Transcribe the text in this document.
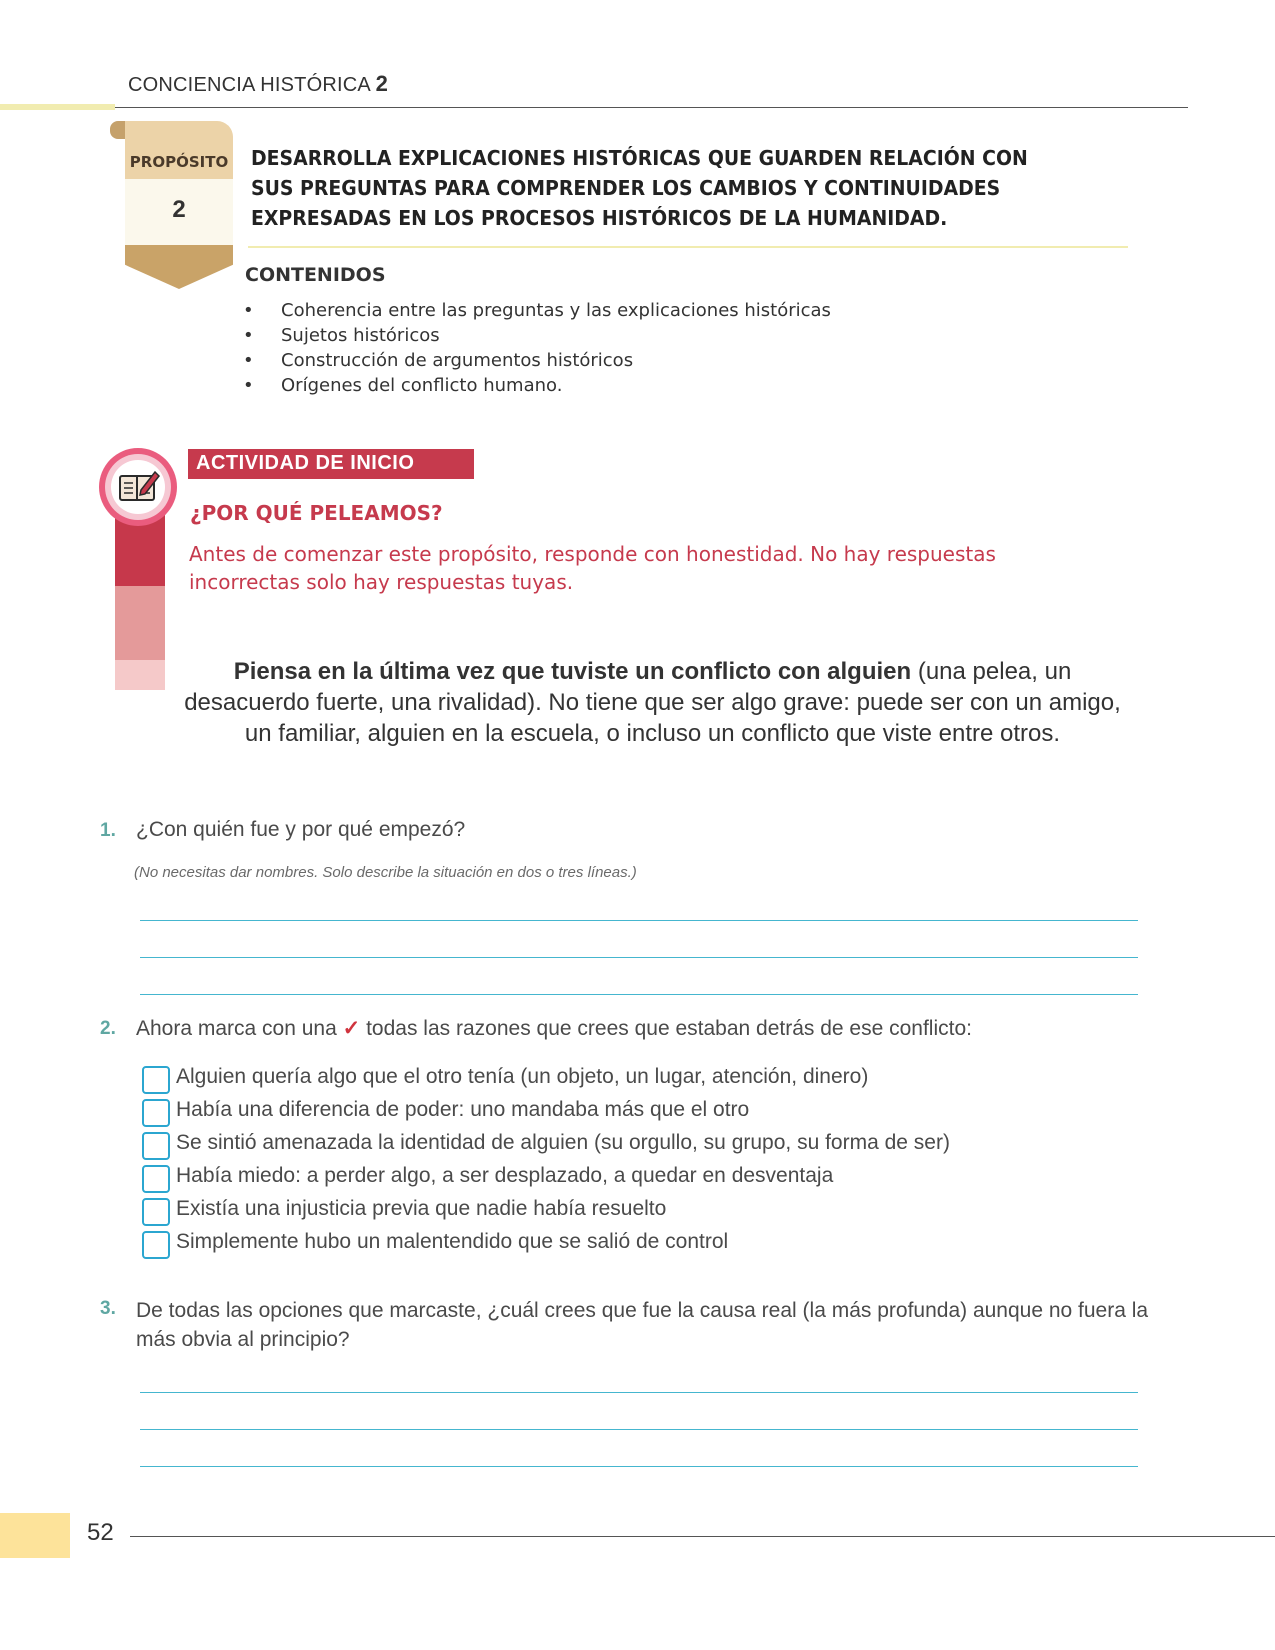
CONCIENCIA HISTÓRICA 2
PROPÓSITO
2
DESARROLLA EXPLICACIONES HISTÓRICAS QUE GUARDEN RELACIÓN CON SUS PREGUNTAS PARA COMPRENDER LOS CAMBIOS Y CONTINUIDADES EXPRESADAS EN LOS PROCESOS HISTÓRICOS DE LA HUMANIDAD.
CONTENIDOS
• Coherencia entre las preguntas y las explicaciones históricas
• Sujetos históricos
• Construcción de argumentos históricos
• Orígenes del conflicto humano.
ACTIVIDAD DE INICIO
¿POR QUÉ PELEAMOS?
Antes de comenzar este propósito, responde con honestidad. No hay respuestas incorrectas solo hay respuestas tuyas.
Piensa en la última vez que tuviste un conflicto con alguien (una pelea, un desacuerdo fuerte, una rivalidad). No tiene que ser algo grave: puede ser con un amigo, un familiar, alguien en la escuela, o incluso un conflicto que viste entre otros.
1. ¿Con quién fue y por qué empezó?
(No necesitas dar nombres. Solo describe la situación en dos o tres líneas.)
2. Ahora marca con una ✓ todas las razones que crees que estaban detrás de ese conflicto:
Alguien quería algo que el otro tenía (un objeto, un lugar, atención, dinero)
Había una diferencia de poder: uno mandaba más que el otro
Se sintió amenazada la identidad de alguien (su orgullo, su grupo, su forma de ser)
Había miedo: a perder algo, a ser desplazado, a quedar en desventaja
Existía una injusticia previa que nadie había resuelto
Simplemente hubo un malentendido que se salió de control
3. De todas las opciones que marcaste, ¿cuál crees que fue la causa real (la más profunda) aunque no fuera la más obvia al principio?
52
